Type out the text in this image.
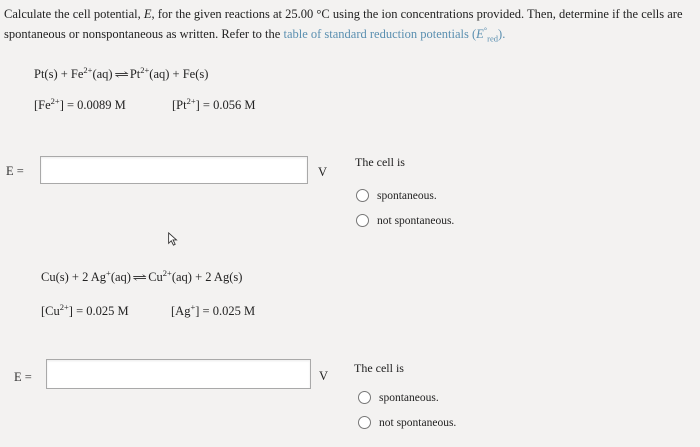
Calculate the cell potential, E, for the given reactions at 25.00 °C using the ion concentrations provided. Then, determine if the cells are spontaneous or nonspontaneous as written. Refer to the table of standard reduction potentials $(E^\circ_{red})$.
$Pt(s) + Fe^{2+}(aq)\rightleftharpoons Pt^{2+}(aq) + Fe(s)$
$[Fe^{2+}] = 0.0089$ M	$[Pt^{2+}] = 0.056$ M
E =	V
The cell is
spontaneous.
not spontaneous.
Cu(s) + 2 $Ag^+(aq)\rightleftharpoons Cu^{2+}(aq) + 2$ Ag(s)
$[Cu^{2+}] = 0.025$ M	[Ag+] = 0.025 M
E =	V
The cell is
spontaneous.
not spontaneous.
